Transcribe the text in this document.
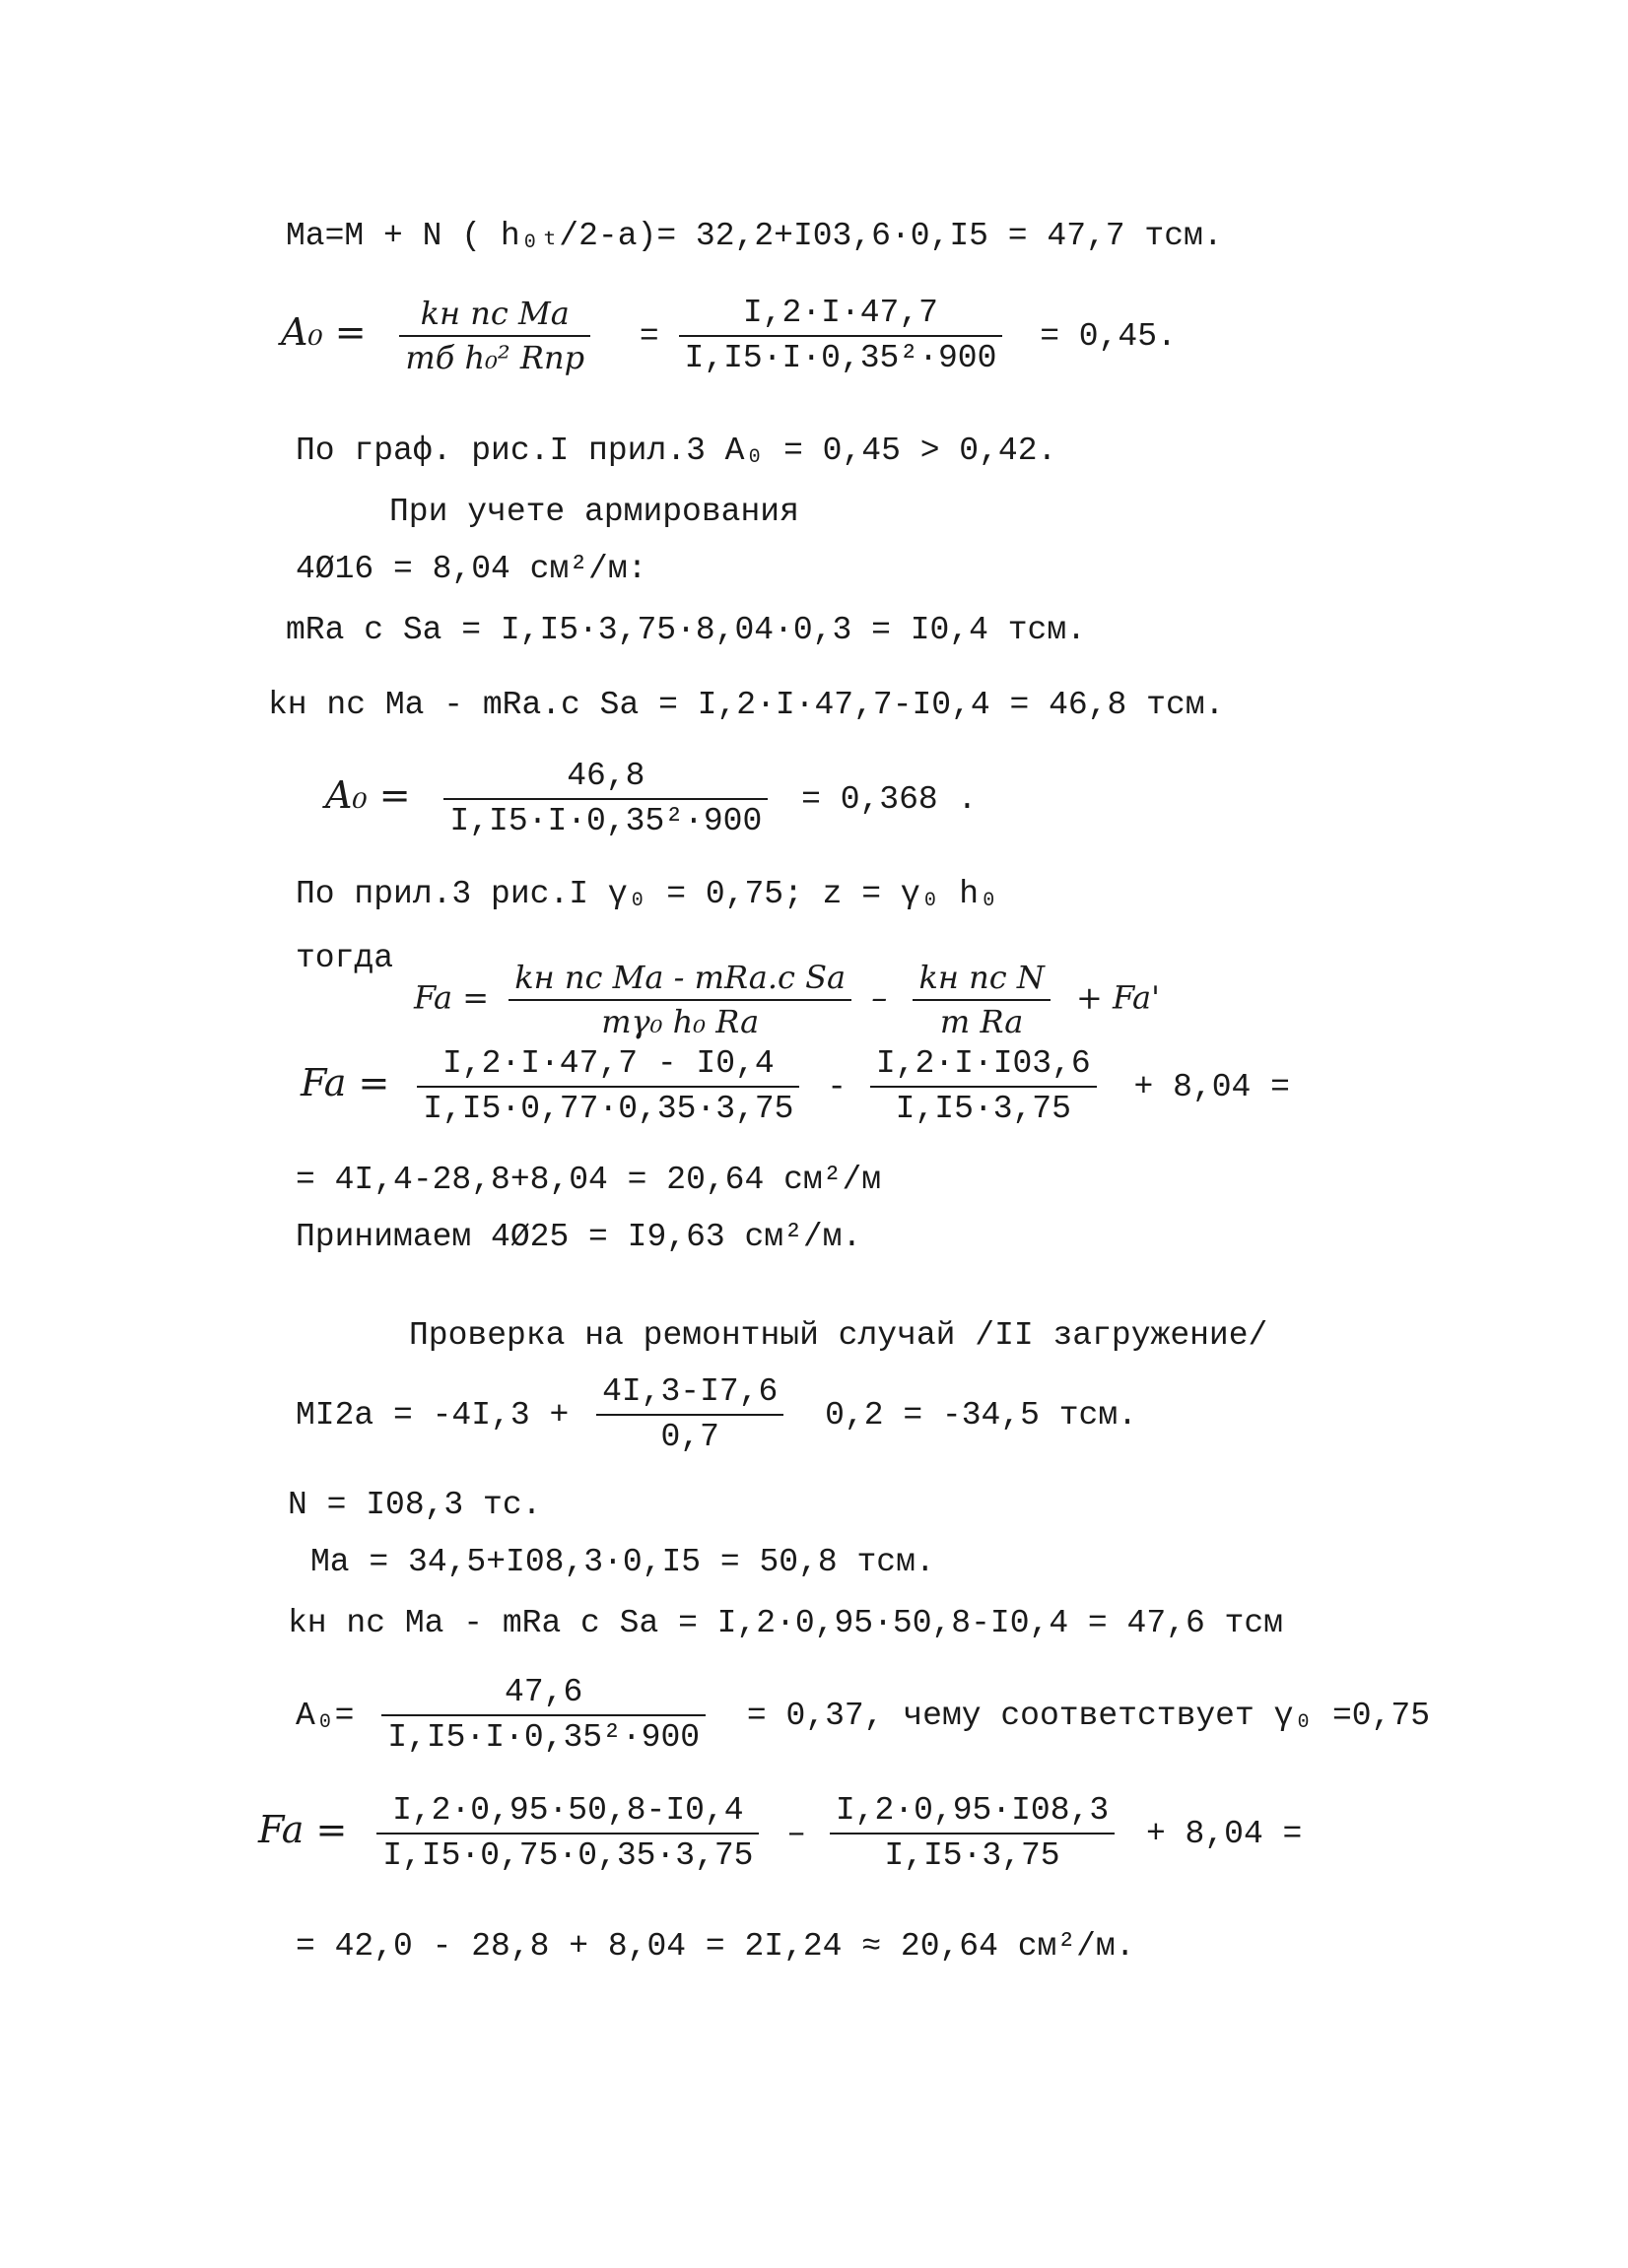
Ma=M + N ( h₀ₜ/2-a)= 32,2+I03,6·0,I5 = 47,7 тсм.
$A_0 = \frac{\text{kн nc Ma}}{\text{mб h₀² Rпр}} = \frac{I,2\cdot I\cdot 47,7}{\text{I,I5·I·0,35²·900}} = 0,45$.
По граф. рис.I прил.3 A₀ = 0,45 > 0,42.
При учете армирования
4Ø16 = 8,04 см²/м:
mRa c Sa = I,I5·3,75·8,04·0,3 = I0,4 тсм.
kн nc Ma - mRa.c Sa = I,2·I·47,7-I0,4 = 46,8 тсм.
$A_0 = \frac{46,8}{\text{I,I5·I·0,35²·900}} = 0,368$ .
По прил.3 рис.I γ₀ = 0,75; z = γ₀ h₀
тогда
$Fa = \frac{\text{kн nc Ma - mRa.c Sa}}{\text{mγ₀ h₀ Ra}} - \frac{\text{kн nc N}}{\text{m Ra}} + Fa'$
$Fa = \frac{I,2\cdot I\cdot 47,7 - I0,4}{I,I5\cdot 0,77\cdot 0,35\cdot 3,75} - \frac{I,2\cdot I\cdot I03,6}{I,I5\cdot 3,75} + 8,04$ =
= 4I,4-28,8+8,04 = 20,64 см²/м
Принимаем 4Ø25 = I9,63 см²/м.
Проверка на ремонтный случай /II загружение/
$MI2a = -4I,3 + \frac{4I,3-I7,6}{0,7} 0,2 = -34,5$ тсм.
N = I08,3 тс.
Ma = 34,5+I08,3·0,I5 = 50,8 тсм.
kн nc Ma - mRa c Sa = I,2·0,95·50,8-I0,4 = 47,6 тсм
$A_0= \frac{47,6}{\text{I,I5·I·0,35²·900}} = 0,37$, чему соответствует γ₀ =0,75
$Fa = \frac{I,2\cdot 0,95\cdot 50,8-I0,4}{I,I5\cdot 0,75\cdot 0,35\cdot 3,75} - \frac{I,2\cdot 0,95\cdot I08,3}{I,I5\cdot 3,75} + 8,04$ =
= 42,0 - 28,8 + 8,04 = 2I,24 ≈ 20,64 см²/м.
